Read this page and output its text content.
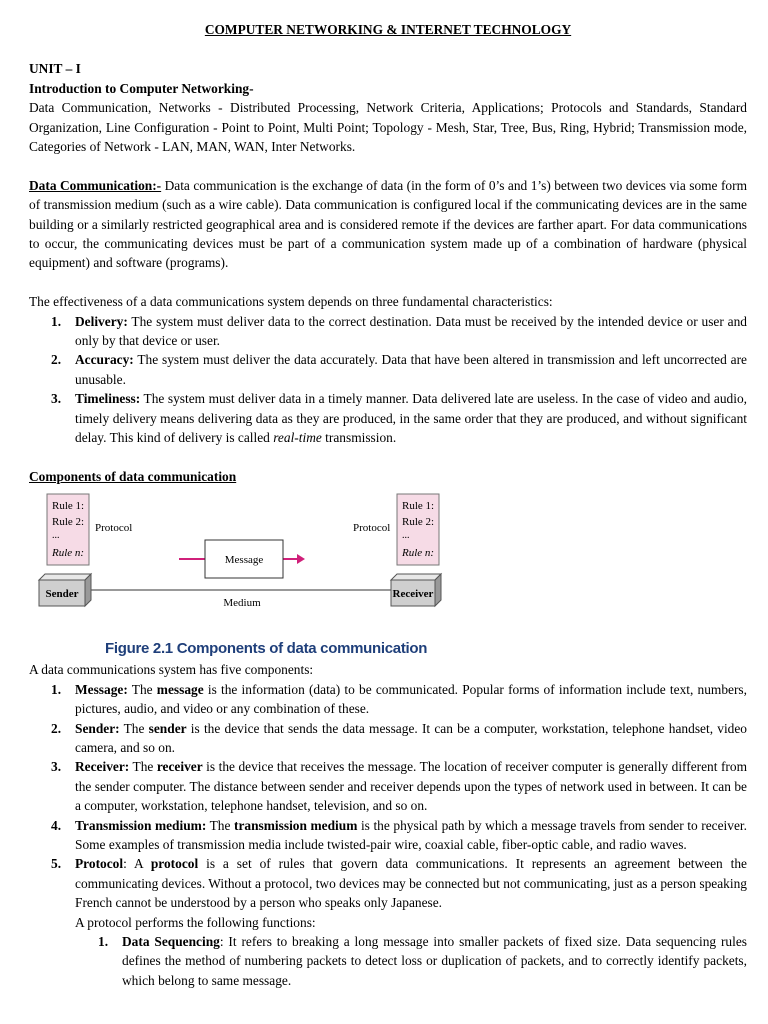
COMPUTER NETWORKING & INTERNET TECHNOLOGY
UNIT – I
Introduction to Computer Networking-

Data Communication, Networks - Distributed Processing, Network Criteria, Applications; Protocols and Standards, Standard Organization, Line Configuration - Point to Point, Multi Point; Topology - Mesh, Star, Tree, Bus, Ring, Hybrid; Transmission mode, Categories of Network - LAN, MAN, WAN, Inter Networks.

Data Communication:- Data communication is the exchange of data (in the form of 0’s and 1’s) between two devices via some form of transmission medium (such as a wire cable). Data communication is configured local if the communicating devices are in the same building or a similarly restricted geographical area and is considered remote if the devices are farther apart. For data communications to occur, the communicating devices must be part of a communication system made up of a combination of hardware (physical equipment) and software (programs).

The effectiveness of a data communications system depends on three fundamental characteristics:

1. Delivery: The system must deliver data to the correct destination. Data must be received by the intended device or user and only by that device or user.
2. Accuracy: The system must deliver the data accurately. Data that have been altered in transmission and left uncorrected are unusable.
3. Timeliness: The system must deliver data in a timely manner. Data delivered late are useless. In the case of video and audio, timely delivery means delivering data as they are produced, in the same order that they are produced, and without significant delay. This kind of delivery is called real-time transmission.
Components of data communication
Rule 1:
Rule 2:
...
Rule n:
Protocol
Rule 1:
Rule 2:
...
Rule n:
Protocol
Message
Medium
Sender	Receiver
Figure 2.1 Components of data communication

A data communications system has five components:

1. Message: The message is the information (data) to be communicated. Popular forms of information include text, numbers, pictures, audio, and video or any combination of these.
2. Sender: The sender is the device that sends the data message. It can be a computer, workstation, telephone handset, video camera, and so on.
3. Receiver: The receiver is the device that receives the message. The location of receiver computer is generally different from the sender computer. The distance between sender and receiver depends upon the types of network used in between. It can be a computer, workstation, telephone handset, television, and so on.
4. Transmission medium: The transmission medium is the physical path by which a message travels from sender to receiver. Some examples of transmission media include twisted-pair wire, coaxial cable, fiber-optic cable, and radio waves.
5. Protocol: A protocol is a set of rules that govern data communications. It represents an agreement between the communicating devices. Without a protocol, two devices may be connected but not communicating, just as a person speaking French cannot be understood by a person who speaks only Japanese.
A protocol performs the following functions:
1. Data Sequencing: It refers to breaking a long message into smaller packets of fixed size. Data sequencing rules defines the method of numbering packets to detect loss or duplication of packets, and to correctly identify packets, which belong to same message.
